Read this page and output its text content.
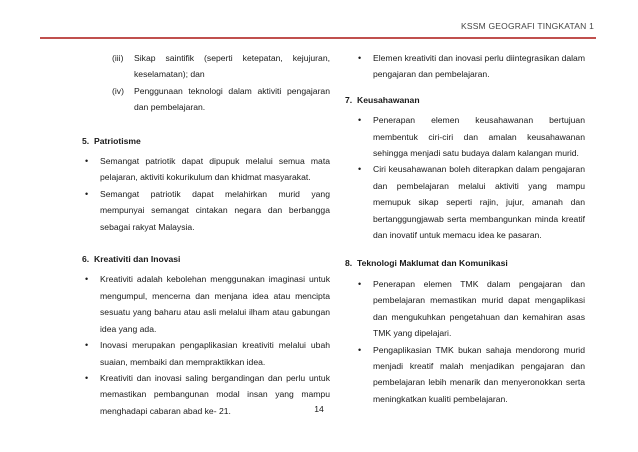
KSSM GEOGRAFI TINGKATAN 1
(iii) Sikap saintifik (seperti ketepatan, kejujuran, keselamatan); dan
(iv) Penggunaan teknologi dalam aktiviti pengajaran dan pembelajaran.
5. Patriotisme
• Semangat patriotik dapat dipupuk melalui semua mata pelajaran, aktiviti kokurikulum dan khidmat masyarakat.
• Semangat patriotik dapat melahirkan murid yang mempunyai semangat cintakan negara dan berbangga sebagai rakyat Malaysia.
6. Kreativiti dan Inovasi
• Kreativiti adalah kebolehan menggunakan imaginasi untuk mengumpul, mencerna dan menjana idea atau mencipta sesuatu yang baharu atau asli melalui ilham atau gabungan idea yang ada.
• Inovasi merupakan pengaplikasian kreativiti melalui ubah suaian, membaiki dan mempraktikkan idea.
• Kreativiti dan inovasi saling bergandingan dan perlu untuk memastikan pembangunan modal insan yang mampu menghadapi cabaran abad ke- 21.
• Elemen kreativiti dan inovasi perlu diintegrasikan dalam pengajaran dan pembelajaran.
7. Keusahawanan
• Penerapan elemen keusahawanan bertujuan membentuk ciri-ciri dan amalan keusahawanan sehingga menjadi satu budaya dalam kalangan murid.
• Ciri keusahawanan boleh diterapkan dalam pengajaran dan pembelajaran melalui aktiviti yang mampu memupuk sikap seperti rajin, jujur, amanah dan bertanggungjawab serta membangunkan minda kreatif dan inovatif untuk memacu idea ke pasaran.
8. Teknologi Maklumat dan Komunikasi
• Penerapan elemen TMK dalam pengajaran dan pembelajaran memastikan murid dapat mengaplikasi dan mengukuhkan pengetahuan dan kemahiran asas TMK yang dipelajari.
• Pengaplikasian TMK bukan sahaja mendorong murid menjadi kreatif malah menjadikan pengajaran dan pembelajaran lebih menarik dan menyeronokkan serta meningkatkan kualiti pembelajaran.
14
